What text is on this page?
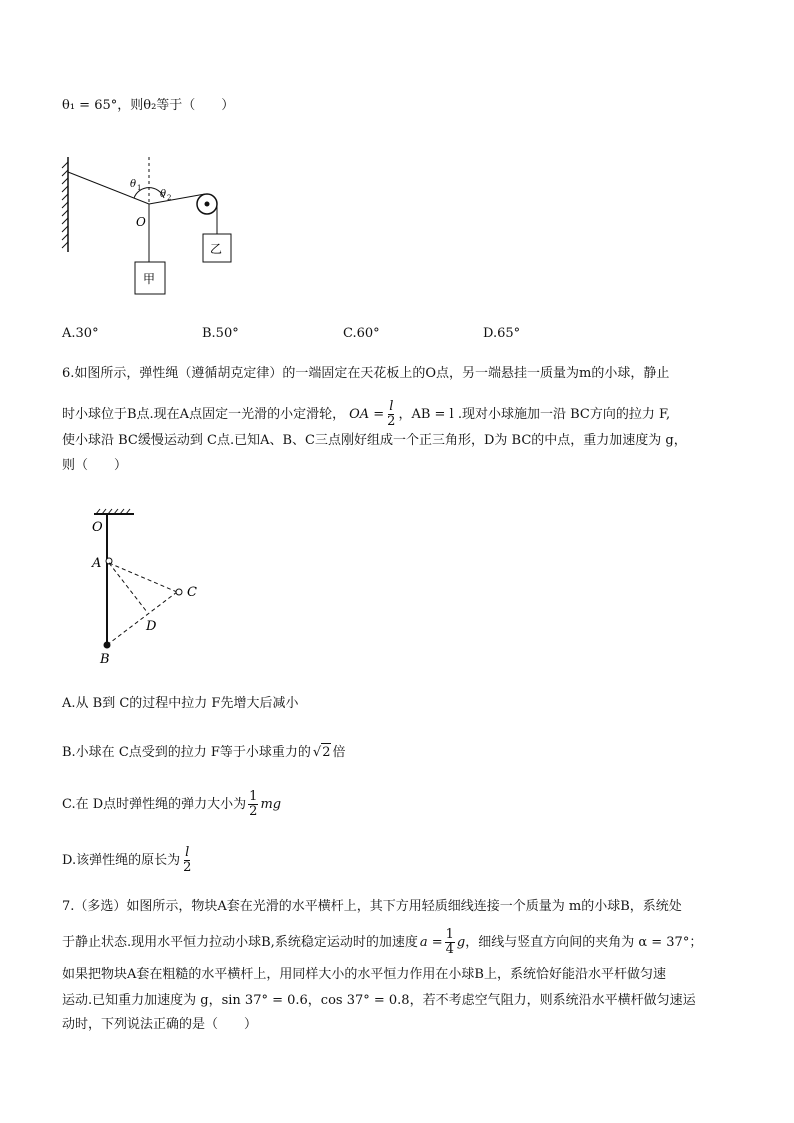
θ₁ = 65°，则θ₂等于（　　）
θ 1
θ 2
O
甲
乙
A.30°	B.50°	C.60°	D.65°
6.如图所示，弹性绳（遵循胡克定律）的一端固定在天花板上的O点，另一端悬挂一质量为m的小球，静止
时小球位于B点.现在A点固定一光滑的小定滑轮， OA = $\frac{l}{2}$ ，AB = l .现对小球施加一沿 BC方向的拉力 F,
使小球沿 BC缓慢运动到 C点.已知A、B、C三点刚好组成一个正三角形，D为 BC的中点，重力加速度为 g，
则（　　）
O
A
C
D
B
A.从 B到 C的过程中拉力 F先增大后减小
B.小球在 C点受到的拉力 F等于小球重力的 √ 2 倍
C.在 D点时弹性绳的弹力大小为 $\frac{1}{2}$ mg
D.该弹性绳的原长为 $\frac{l}{2}$
7.（多选）如图所示，物块A套在光滑的水平横杆上，其下方用轻质细线连接一个质量为 m的小球B，系统处
于静止状态.现用水平恒力拉动小球B,系统稳定运动时的加速度 $a = \frac{1}{4}$ g ，细线与竖直方向间的夹角为 α = 37°；
如果把物块A套在粗糙的水平横杆上，用同样大小的水平恒力作用在小球B上，系统恰好能沿水平杆做匀速
运动.已知重力加速度为 g，sin 37° = 0.6，cos 37° = 0.8，若不考虑空气阻力，则系统沿水平横杆做匀速运
动时，下列说法正确的是（　　）
